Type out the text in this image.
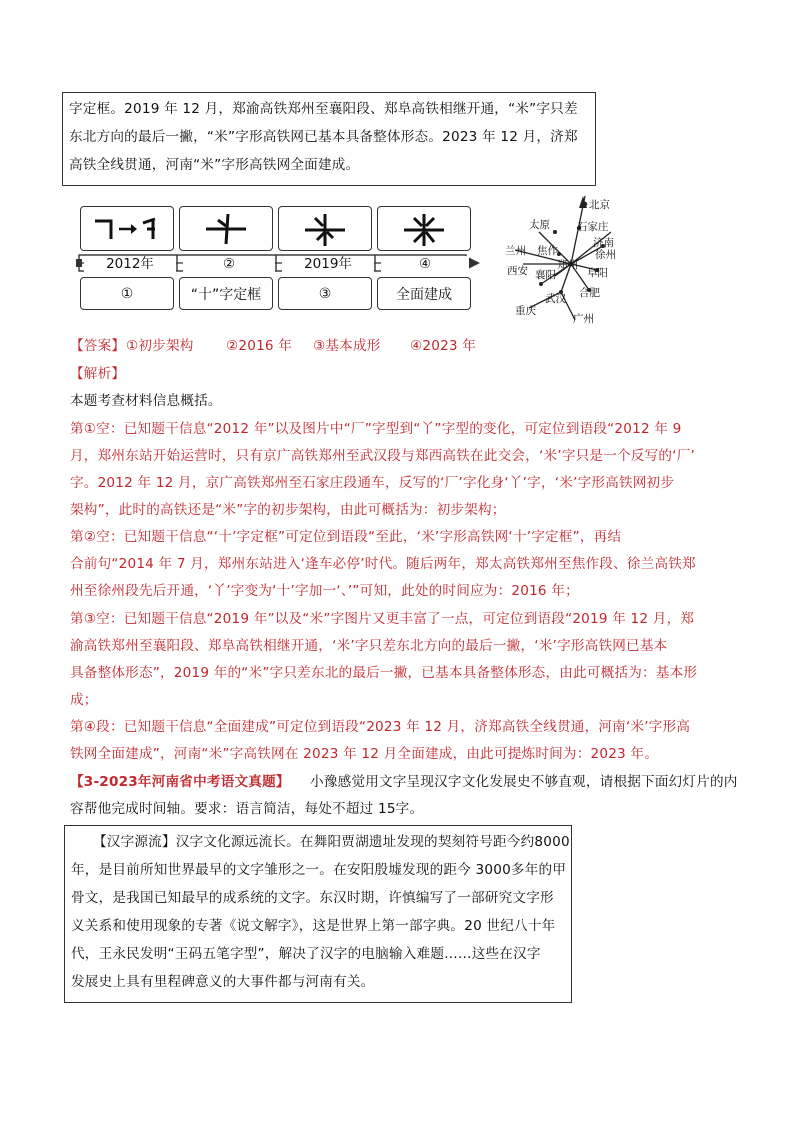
字定框。2019 年 12 月，郑渝高铁郑州至襄阳段、郑阜高铁相继开通，“米”字只差
东北方向的最后一撇，“米”字形高铁网已基本具备整体形态。2023 年 12 月，济郑
高铁全线贯通，河南“米”字形高铁网全面建成。
2012年	②	2019年	④
①	“十”字定框	③	全面建成
北京
太原	石家庄
济南
徐州
兰州 焦作
郑州
西安 襄阳	阜阳
武汉 合肥
重庆
广州
【答案】 ①初步架构 ②2016 年 ③基本成形 ④2023 年
【解析】
本题考查材料信息概括。
第①空：已知题干信息“2012 年”以及图片中“厂”字型到“丫”字型的变化，可定位到语段“2012 年 9
月，郑州东站开始运营时，只有京广高铁郑州至武汉段与郑西高铁在此交会，‘米’字只是一个反写的‘厂’
字。2012 年 12 月，京广高铁郑州至石家庄段通车，反写的‘厂’字化身‘丫’字，‘米’字形高铁网初步
架构”，此时的高铁还是“米”字的初步架构，由此可概括为：初步架构；
第②空：已知题干信息“‘十’字定框”可定位到语段“至此，‘米’字形高铁网‘十’字定框”，再结
合前句“2014 年 7 月，郑州东站进入‘逢车必停’时代。随后两年，郑太高铁郑州至焦作段、徐兰高铁郑
州至徐州段先后开通，‘丫’字变为‘十’字加一‘、’”可知，此处的时间应为：2016 年；
第③空：已知题干信息“2019 年”以及“米”字图片又更丰富了一点，可定位到语段“2019 年 12 月，郑
渝高铁郑州至襄阳段、郑阜高铁相继开通，‘米’字只差东北方向的最后一撇，‘米’字形高铁网已基本
具备整体形态”，2019 年的“米”字只差东北的最后一撇，已基本具备整体形态，由此可概括为：基本形
成；
第④段：已知题干信息“全面建成”可定位到语段“2023 年 12 月，济郑高铁全线贯通，河南‘米’字形高
铁网全面建成”，河南“米”字高铁网在 2023 年 12 月全面建成，由此可提炼时间为：2023 年。
【3-2023年河南省中考语文真题】 小豫感觉用文字呈现汉字文化发展史不够直观，请根据下面幻灯片的内
容帮他完成时间轴。要求：语言简洁，每处不超过 15字。
【汉字源流】汉字文化源远流长。在舞阳贾湖遗址发现的契刻符号距今约8000
年，是目前所知世界最早的文字雏形之一。在安阳殷墟发现的距今 3000多年的甲
骨文，是我国已知最早的成系统的文字。东汉时期，许慎编写了一部研究文字形
义关系和使用现象的专著《说文解字》，这是世界上第一部字典。20 世纪八十年
代，王永民发明“王码五笔字型”，解决了汉字的电脑输入难题……这些在汉字
发展史上具有里程碑意义的大事件都与河南有关。
